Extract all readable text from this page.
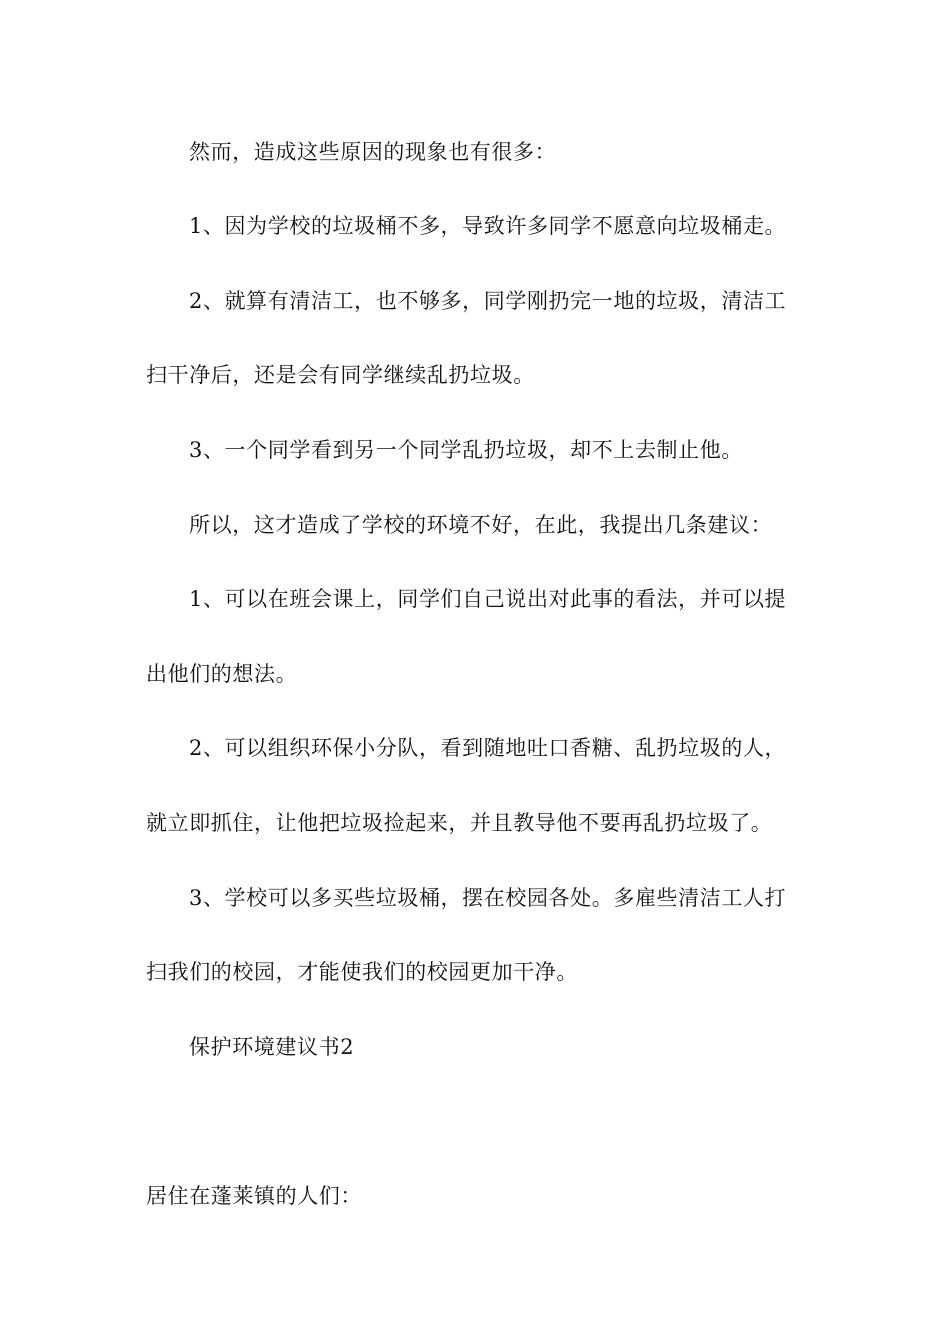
然而，造成这些原因的现象也有很多：
1、因为学校的垃圾桶不多，导致许多同学不愿意向垃圾桶走。
2、就算有清洁工，也不够多，同学刚扔完一地的垃圾，清洁工
扫干净后，还是会有同学继续乱扔垃圾。
3、一个同学看到另一个同学乱扔垃圾，却不上去制止他。
所以，这才造成了学校的环境不好，在此，我提出几条建议：
1、可以在班会课上，同学们自己说出对此事的看法，并可以提
出他们的想法。
2、可以组织环保小分队，看到随地吐口香糖、乱扔垃圾的人，
就立即抓住，让他把垃圾捡起来，并且教导他不要再乱扔垃圾了。
3、学校可以多买些垃圾桶，摆在校园各处。多雇些清洁工人打
扫我们的校园，才能使我们的校园更加干净。
保护环境建议书2
居住在蓬莱镇的人们：
